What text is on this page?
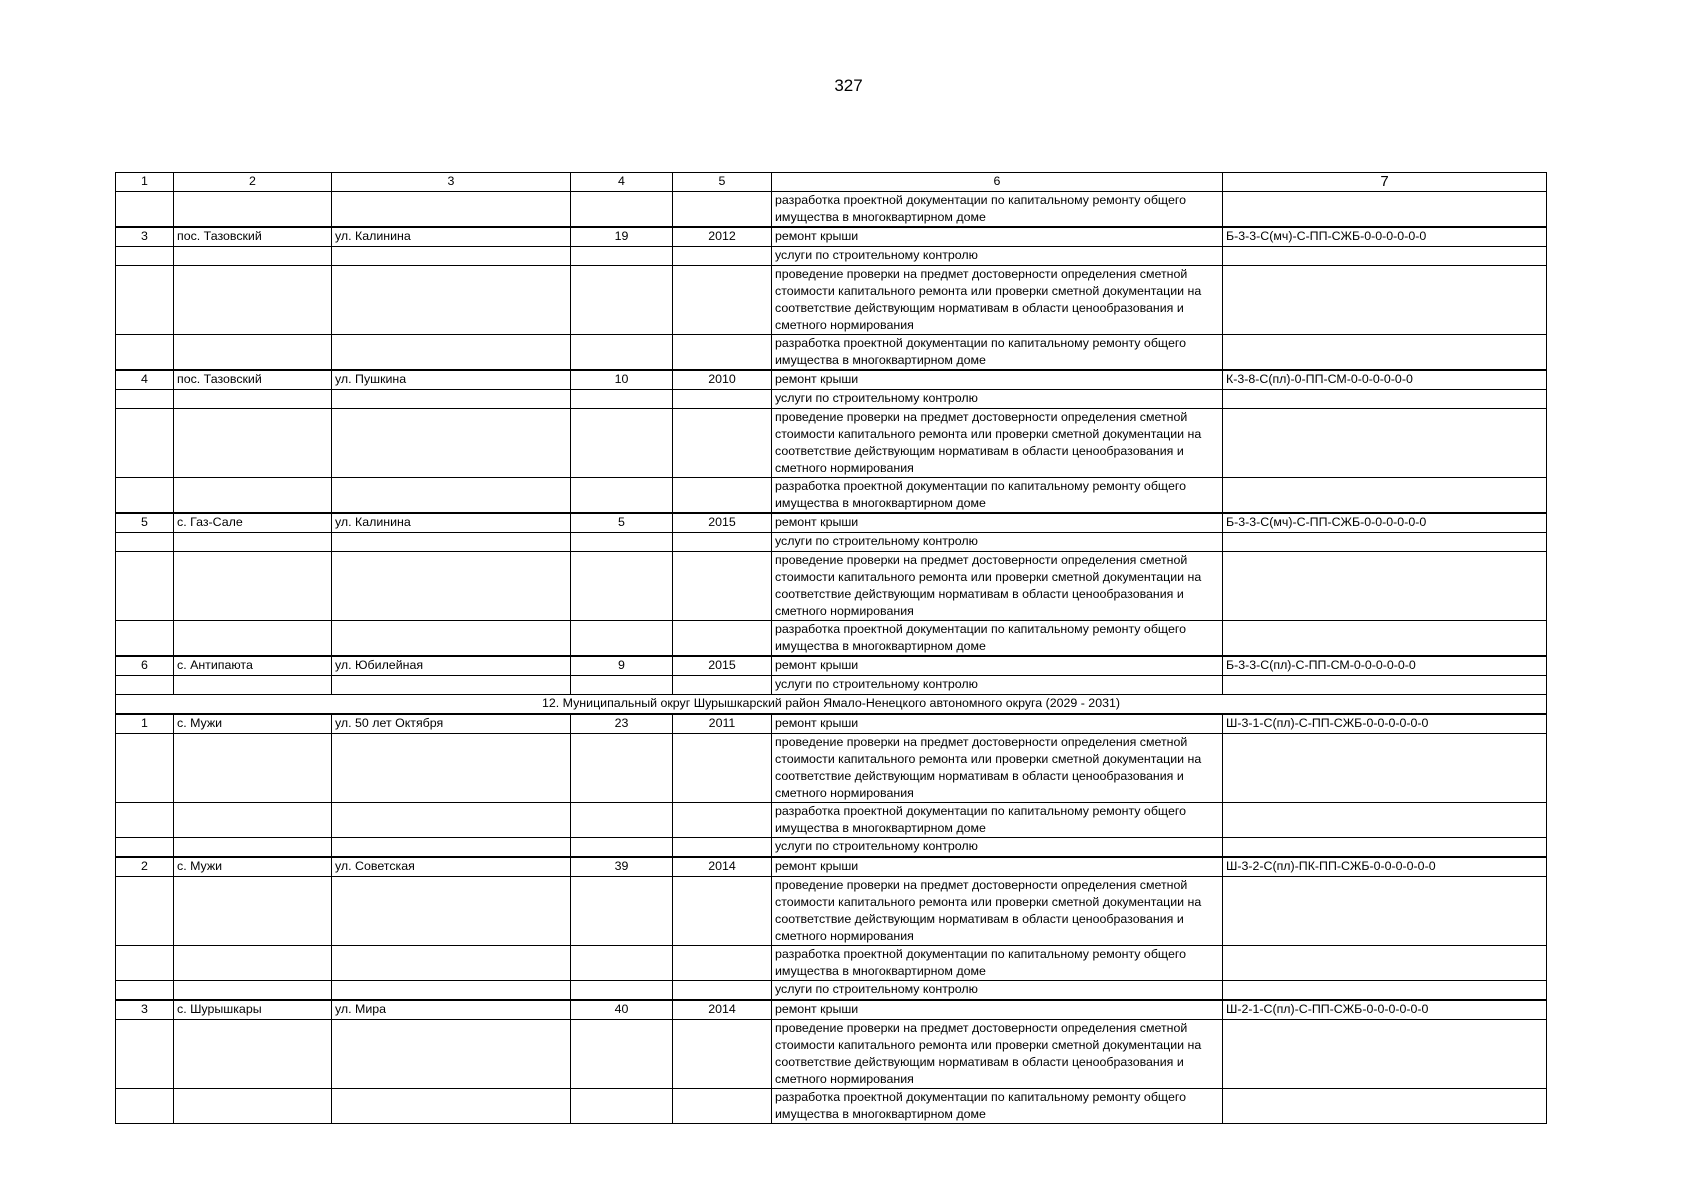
327
1	2	3	4	5	6	7
					разработка проектной документации по капитальному ремонту общего имущества в многоквартирном доме	
3	пос. Тазовский	ул. Калинина	19	2012	ремонт крыши	Б-3-3-С(мч)-С-ПП-СЖБ-0-0-0-0-0-0
					услуги по строительному контролю	
					проведение проверки на предмет достоверности определения сметной стоимости капитального ремонта или проверки сметной документации на соответствие действующим нормативам в области ценообразования и сметного нормирования	
					разработка проектной документации по капитальному ремонту общего имущества в многоквартирном доме	
4	пос. Тазовский	ул. Пушкина	10	2010	ремонт крыши	К-3-8-С(пл)-0-ПП-СМ-0-0-0-0-0-0
					услуги по строительному контролю	
					проведение проверки на предмет достоверности определения сметной стоимости капитального ремонта или проверки сметной документации на соответствие действующим нормативам в области ценообразования и сметного нормирования	
					разработка проектной документации по капитальному ремонту общего имущества в многоквартирном доме	
5	с. Газ-Сале	ул. Калинина	5	2015	ремонт крыши	Б-3-3-С(мч)-С-ПП-СЖБ-0-0-0-0-0-0
					услуги по строительному контролю	
					проведение проверки на предмет достоверности определения сметной стоимости капитального ремонта или проверки сметной документации на соответствие действующим нормативам в области ценообразования и сметного нормирования	
					разработка проектной документации по капитальному ремонту общего имущества в многоквартирном доме	
6	с. Антипаюта	ул. Юбилейная	9	2015	ремонт крыши	Б-3-3-С(пл)-С-ПП-СМ-0-0-0-0-0-0
					услуги по строительному контролю	
12. Муниципальный округ Шурышкарский район Ямало-Ненецкого автономного округа (2029 - 2031)						
1	с. Мужи	ул. 50 лет Октября	23	2011	ремонт крыши	Ш-3-1-С(пл)-С-ПП-СЖБ-0-0-0-0-0-0
					проведение проверки на предмет достоверности определения сметной стоимости капитального ремонта или проверки сметной документации на соответствие действующим нормативам в области ценообразования и сметного нормирования	
					разработка проектной документации по капитальному ремонту общего имущества в многоквартирном доме	
					услуги по строительному контролю	
2	с. Мужи	ул. Советская	39	2014	ремонт крыши	Ш-3-2-С(пл)-ПК-ПП-СЖБ-0-0-0-0-0-0
					проведение проверки на предмет достоверности определения сметной стоимости капитального ремонта или проверки сметной документации на соответствие действующим нормативам в области ценообразования и сметного нормирования	
					разработка проектной документации по капитальному ремонту общего имущества в многоквартирном доме	
					услуги по строительному контролю	
3	с. Шурышкары	ул. Мира	40	2014	ремонт крыши	Ш-2-1-С(пл)-С-ПП-СЖБ-0-0-0-0-0-0
					проведение проверки на предмет достоверности определения сметной стоимости капитального ремонта или проверки сметной документации на соответствие действующим нормативам в области ценообразования и сметного нормирования	
					разработка проектной документации по капитальному ремонту общего имущества в многоквартирном доме	
